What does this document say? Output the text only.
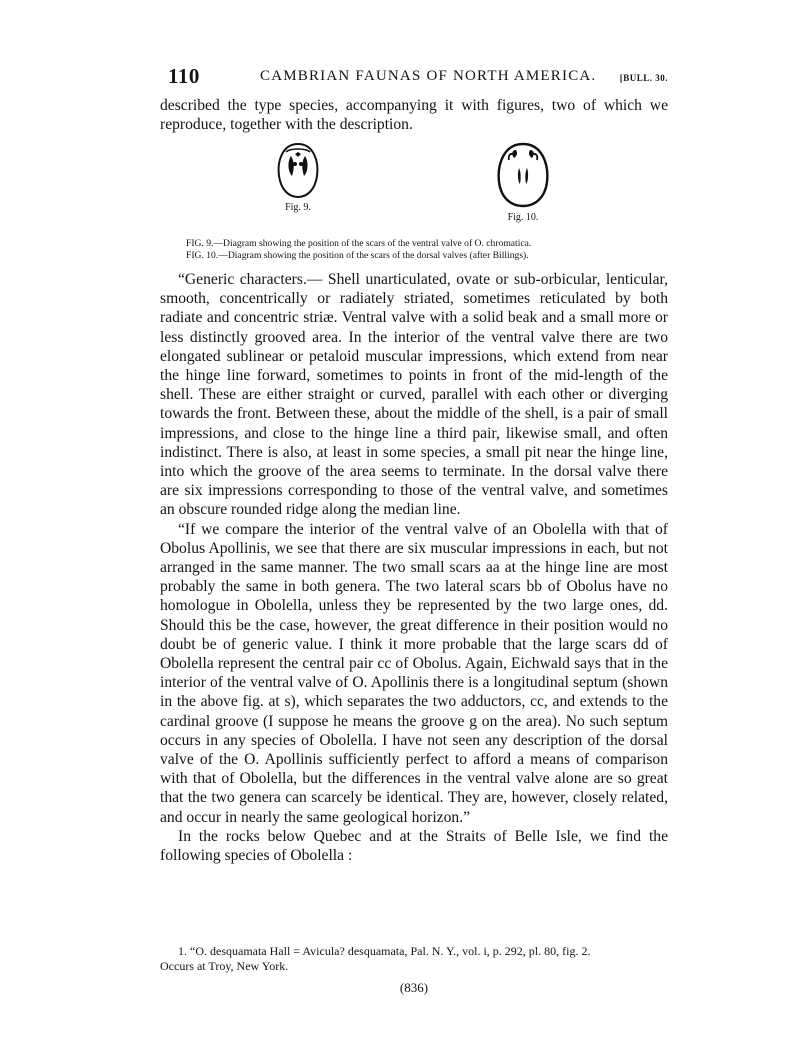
110	CAMBRIAN FAUNAS OF NORTH AMERICA.	[BULL. 30.
described the type species, accompanying it with figures, two of which we reproduce, together with the description.
Fig. 9.
Fig. 10.

FIG. 9.—Diagram showing the position of the scars of the ventral valve of O. chromatica.

FIG. 10.—Diagram showing the position of the scars of the dorsal valves (after Billings).

“Generic characters.— Shell unarticulated, ovate or sub-orbicular, lenticular, smooth, concentrically or radiately striated, sometimes reticulated by both radiate and concentric striæ. Ventral valve with a solid beak and a small more or less distinctly grooved area. In the interior of the ventral valve there are two elongated sublinear or petaloid muscular impressions, which extend from near the hinge line forward, sometimes to points in front of the mid-length of the shell. These are either straight or curved, parallel with each other or diverging towards the front. Between these, about the middle of the shell, is a pair of small impressions, and close to the hinge line a third pair, likewise small, and often indistinct. There is also, at least in some species, a small pit near the hinge line, into which the groove of the area seems to terminate. In the dorsal valve there are six impressions corresponding to those of the ventral valve, and sometimes an obscure rounded ridge along the median line.

“If we compare the interior of the ventral valve of an Obolella with that of Obolus Apollinis, we see that there are six muscular impressions in each, but not arranged in the same manner. The two small scars aa at the hinge line are most probably the same in both genera. The two lateral scars bb of Obolus have no homologue in Obolella, unless they be represented by the two large ones, dd. Should this be the case, however, the great difference in their position would no doubt be of generic value. I think it more probable that the large scars dd of Obolella represent the central pair cc of Obolus. Again, Eichwald says that in the interior of the ventral valve of O. Apollinis there is a longitudinal septum (shown in the above fig. at s), which separates the two adductors, cc, and extends to the cardinal groove (I suppose he means the groove g on the area). No such septum occurs in any species of Obolella. I have not seen any description of the dorsal valve of the O. Apollinis sufficiently perfect to afford a means of comparison with that of Obolella, but the differences in the ventral valve alone are so great that the two genera can scarcely be identical. They are, however, closely related, and occur in nearly the same geological horizon.”

In the rocks below Quebec and at the Straits of Belle Isle, we find the following species of Obolella :

1. “O. desquamata Hall = Avicula? desquamata, Pal. N. Y., vol. i, p. 292, pl. 80, fig. 2.

Occurs at Troy, New York.

(836)
